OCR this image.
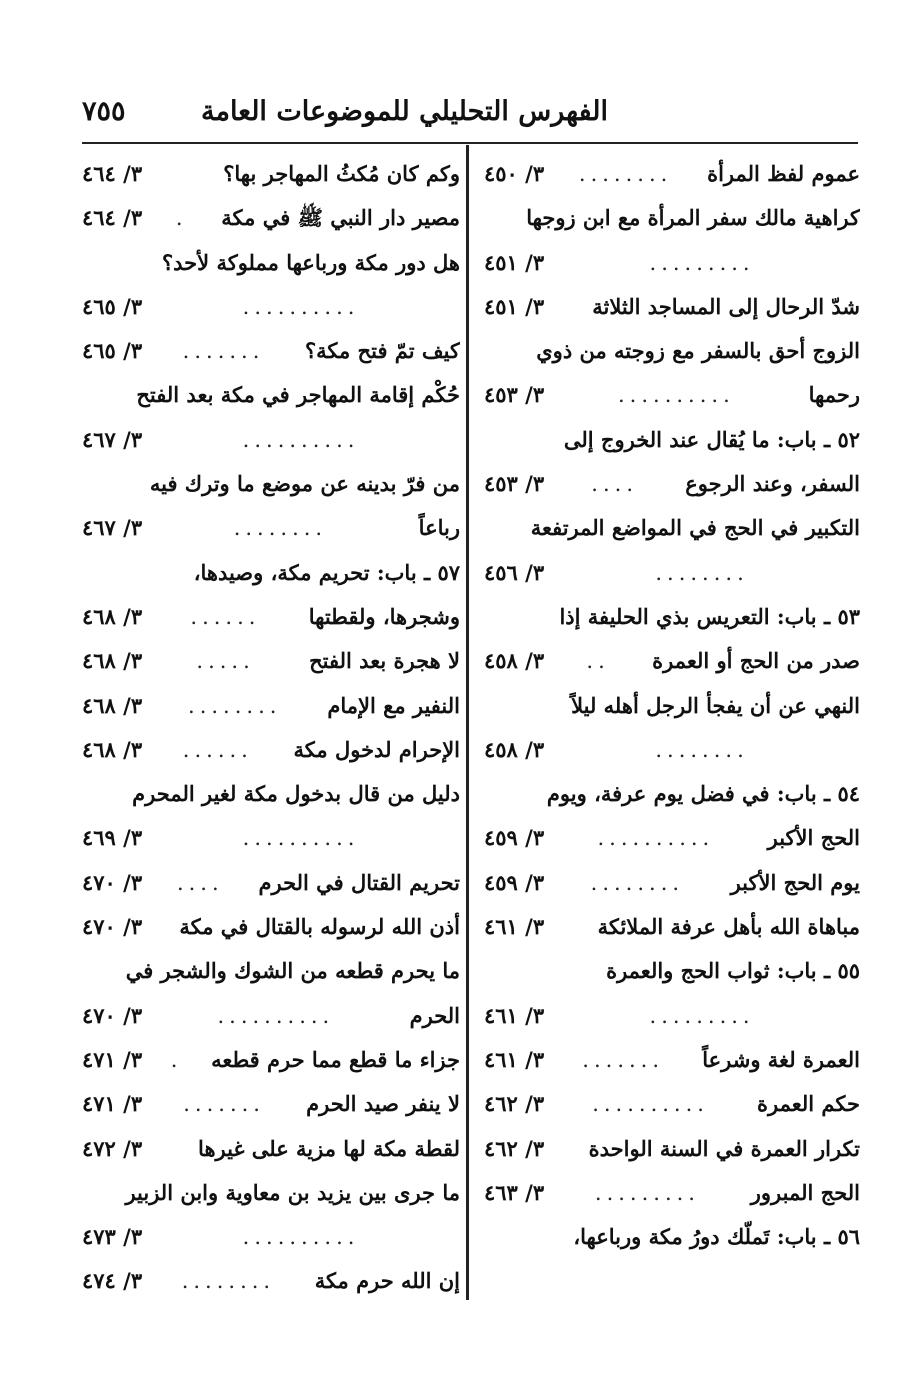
الفهرس التحليلي للموضوعات العامة
٧٥٥
عموم لفظ المرأة
........
٣/ ٤٥٠
كراهية مالك سفر المرأة مع ابن زوجها
.........
٣/ ٤٥١
شدّ الرحال إلى المساجد الثلاثة
٣/ ٤٥١
الزوج أحق بالسفر مع زوجته من ذوي
رحمها
..........
٣/ ٤٥٣
٥٢ ـ باب: ما يُقال عند الخروج إلى
السفر، وعند الرجوع
....
٣/ ٤٥٣
التكبير في الحج في المواضع المرتفعة
........
٣/ ٤٥٦
٥٣ ـ باب: التعريس بذي الحليفة إذا
صدر من الحج أو العمرة
..
٣/ ٤٥٨
النهي عن أن يفجأ الرجل أهله ليلاً
........
٣/ ٤٥٨
٥٤ ـ باب: في فضل يوم عرفة، ويوم
الحج الأكبر
..........
٣/ ٤٥٩
يوم الحج الأكبر
........
٣/ ٤٥٩
مباهاة الله بأهل عرفة الملائكة
٣/ ٤٦١
٥٥ ـ باب: ثواب الحج والعمرة
.........
٣/ ٤٦١
العمرة لغة وشرعاً
.......
٣/ ٤٦١
حكم العمرة
..........
٣/ ٤٦٢
تكرار العمرة في السنة الواحدة
٣/ ٤٦٢
الحج المبرور
.........
٣/ ٤٦٣
٥٦ ـ باب: تَملّك دورُ مكة ورباعها،
وكم كان مُكثُ المهاجر بها؟
٣/ ٤٦٤
مصير دار النبي ﷺ في مكة
.
٣/ ٤٦٤
هل دور مكة ورباعها مملوكة لأحد؟
..........
٣/ ٤٦٥
كيف تمّ فتح مكة؟
.......
٣/ ٤٦٥
حُكْم إقامة المهاجر في مكة بعد الفتح
..........
٣/ ٤٦٧
من فرّ بدينه عن موضع ما وترك فيه
رباعاً
........
٣/ ٤٦٧
٥٧ ـ باب: تحريم مكة، وصيدها،
وشجرها، ولقطتها
......
٣/ ٤٦٨
لا هجرة بعد الفتح
.....
٣/ ٤٦٨
النفير مع الإمام
........
٣/ ٤٦٨
الإحرام لدخول مكة
......
٣/ ٤٦٨
دليل من قال بدخول مكة لغير المحرم
..........
٣/ ٤٦٩
تحريم القتال في الحرم
....
٣/ ٤٧٠
أذن الله لرسوله بالقتال في مكة
٣/ ٤٧٠
ما يحرم قطعه من الشوك والشجر في
الحرم
..........
٣/ ٤٧٠
جزاء ما قطع مما حرم قطعه
.
٣/ ٤٧١
لا ينفر صيد الحرم
.......
٣/ ٤٧١
لقطة مكة لها مزية على غيرها
٣/ ٤٧٢
ما جرى بين يزيد بن معاوية وابن الزبير
..........
٣/ ٤٧٣
إن الله حرم مكة
........
٣/ ٤٧٤
